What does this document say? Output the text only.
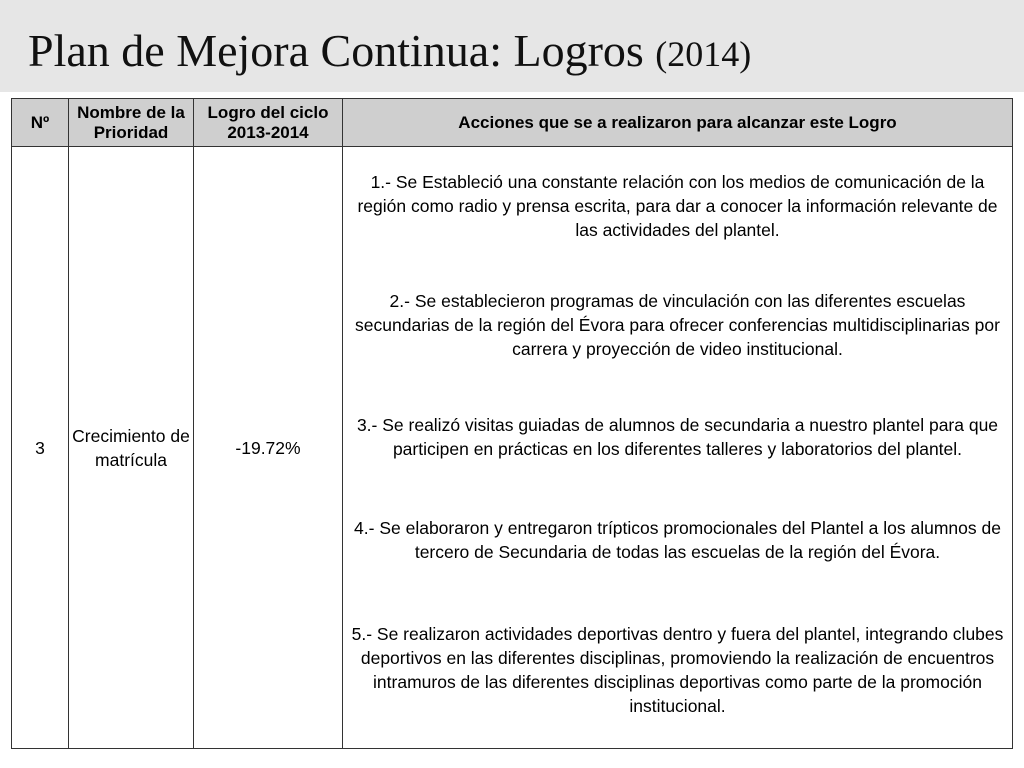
Plan de Mejora Continua: Logros (2014)
Nº	Nombre de la Prioridad	Logro del ciclo 2013-2014	Acciones que se a realizaron para alcanzar este Logro
3	Crecimiento de matrícula	-19.72%	1.- Se Estableció una constante relación con los medios de comunicación de la región como radio y prensa escrita, para dar a conocer la información relevante de las actividades del plantel.
2.- Se establecieron programas de vinculación con las diferentes escuelas secundarias de la región del Évora para ofrecer conferencias multidisciplinarias por carrera y proyección de video institucional.
3.- Se realizó visitas guiadas de alumnos de secundaria a nuestro plantel para que participen en prácticas en los diferentes talleres y laboratorios del plantel.
4.- Se elaboraron y entregaron trípticos promocionales del Plantel a los alumnos de tercero de Secundaria de todas las escuelas de la región del Évora.
5.- Se realizaron actividades deportivas dentro y fuera del plantel, integrando clubes deportivos en las diferentes disciplinas, promoviendo la realización de encuentros intramuros de las diferentes disciplinas deportivas como parte de la promoción institucional.
